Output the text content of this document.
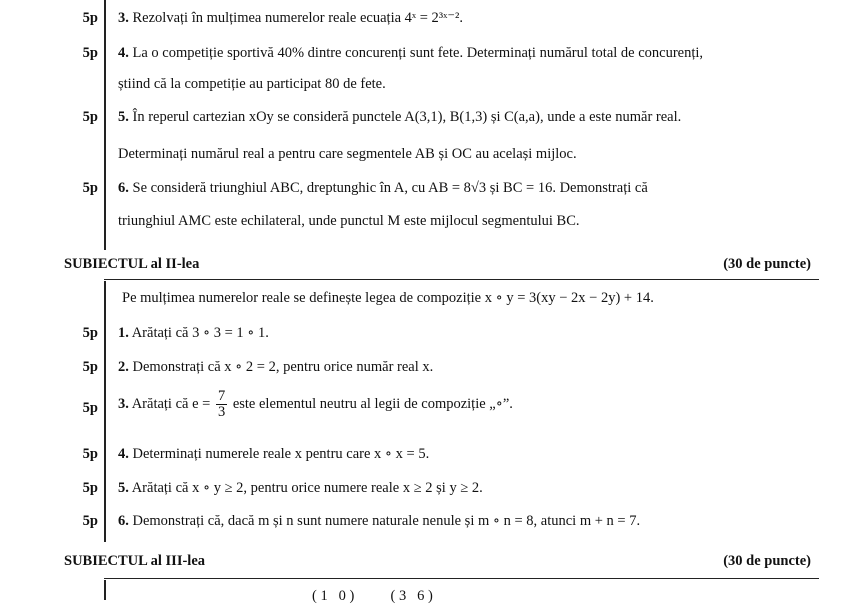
5p 3. Rezolvați în mulțimea numerelor reale ecuația 4ˣ = 2³ˣ⁻².
5p 4. La o competiție sportivă 40% dintre concurenți sunt fete. Determinați numărul total de concurenți,
știind că la competiție au participat 80 de fete.
5p 5. În reperul cartezian xOy se consideră punctele A(3,1), B(1,3) și C(a,a), unde a este număr real.
Determinați numărul real a pentru care segmentele AB și OC au același mijloc.
5p 6. Se consideră triunghiul ABC, dreptunghic în A, cu AB = 8√3 și BC = 16. Demonstrați că
triunghiul AMC este echilateral, unde punctul M este mijlocul segmentului BC.
SUBIECTUL al II-lea	(30 de puncte)
Pe mulțimea numerelor reale se definește legea de compoziție x ∘ y = 3(xy − 2x − 2y) + 14.
5p 1. Arătați că 3 ∘ 3 = 1 ∘ 1.
5p 2. Demonstrați că x ∘ 2 = 2, pentru orice număr real x.
5p 3. Arătați că $e = \frac{7}{3}$ este elementul neutru al legii de compoziție „∘”.
5p 4. Determinați numerele reale x pentru care x ∘ x = 5.
5p 5. Arătați că x ∘ y ≥ 2, pentru orice numere reale x ≥ 2 și y ≥ 2.
5p 6. Demonstrați că, dacă m și n sunt numere naturale nenule și m ∘ n = 8, atunci m + n = 7.
SUBIECTUL al III-lea	(30 de puncte)
( 1   0 )          ( 3   6 )
